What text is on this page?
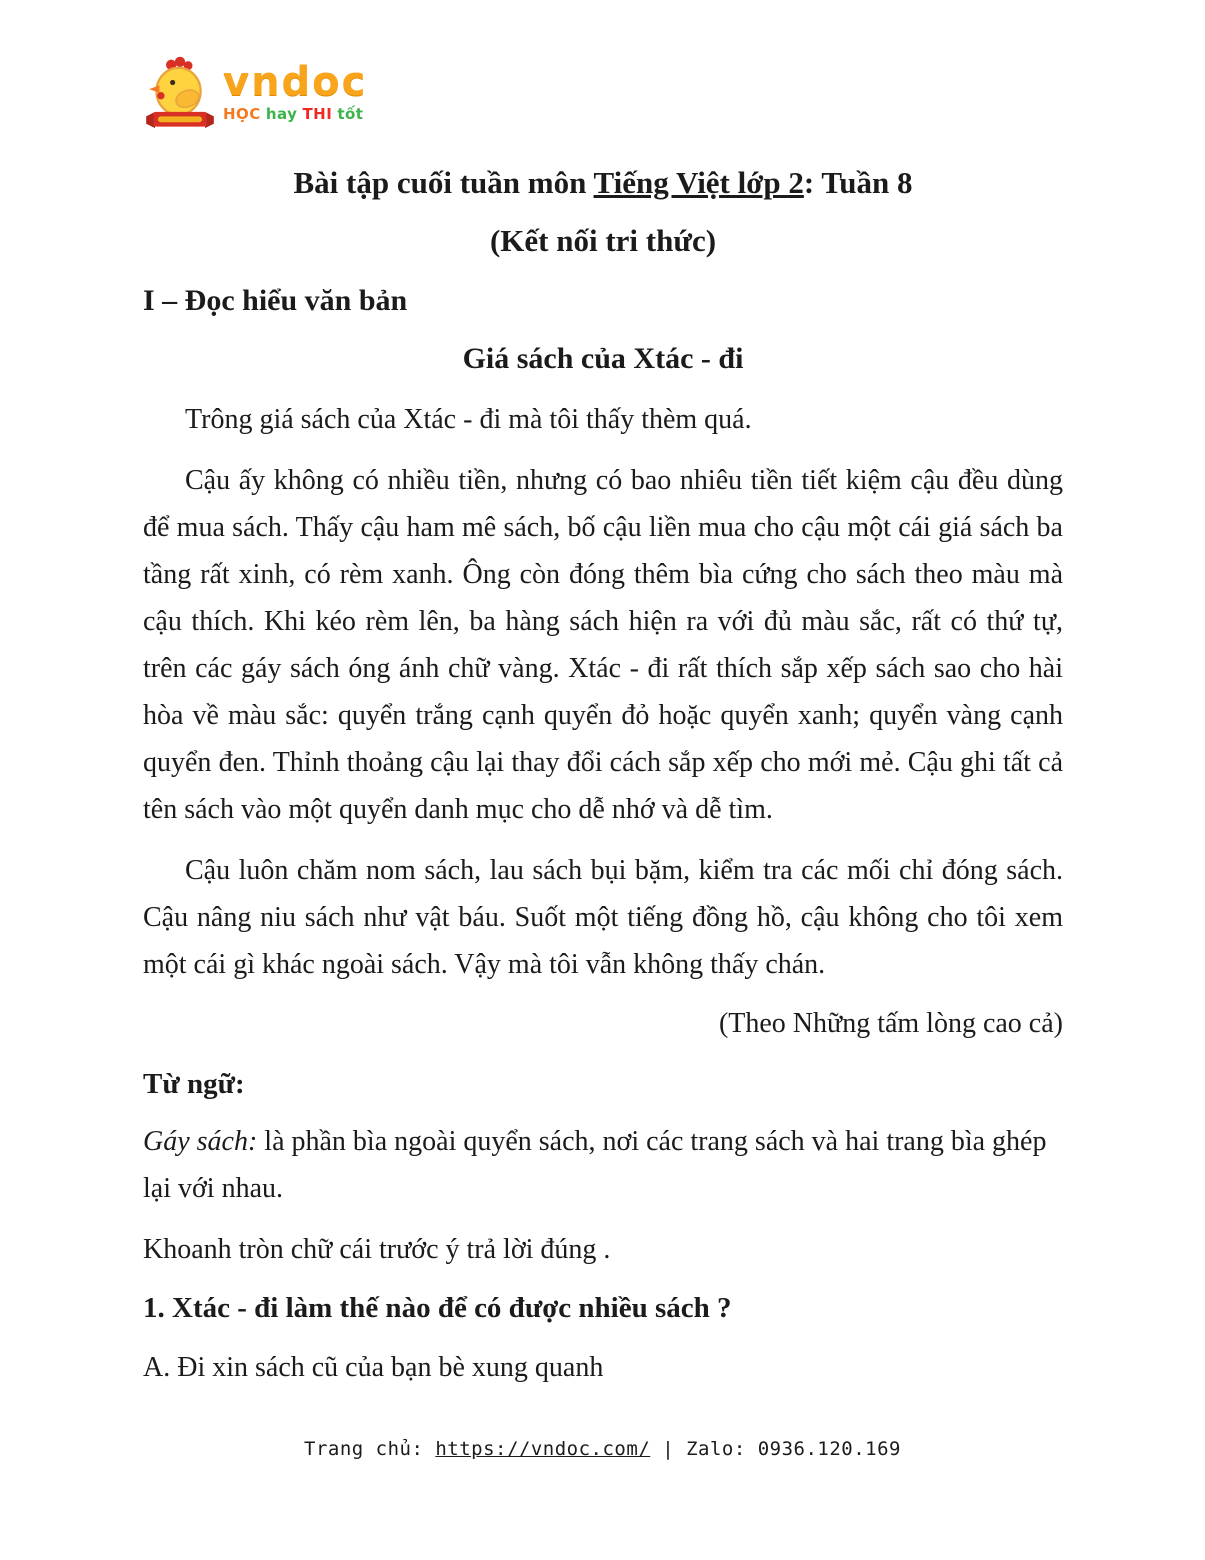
vndoc
HỌC hay THI tốt
Bài tập cuối tuần môn Tiếng Việt lớp 2: Tuần 8
(Kết nối tri thức)
I – Đọc hiểu văn bản
Giá sách của Xtác - đi

Trông giá sách của Xtác - đi mà tôi thấy thèm quá.

Cậu ấy không có nhiều tiền, nhưng có bao nhiêu tiền tiết kiệm cậu đều dùng để mua sách. Thấy cậu ham mê sách, bố cậu liền mua cho cậu một cái giá sách ba tầng rất xinh, có rèm xanh. Ông còn đóng thêm bìa cứng cho sách theo màu mà cậu thích. Khi kéo rèm lên, ba hàng sách hiện ra với đủ màu sắc, rất có thứ tự, trên các gáy sách óng ánh chữ vàng. Xtác - đi rất thích sắp xếp sách sao cho hài hòa về màu sắc: quyển trắng cạnh quyển đỏ hoặc quyển xanh; quyển vàng cạnh quyển đen. Thỉnh thoảng cậu lại thay đổi cách sắp xếp cho mới mẻ. Cậu ghi tất cả tên sách vào một quyển danh mục cho dễ nhớ và dễ tìm.

Cậu luôn chăm nom sách, lau sách bụi bặm, kiểm tra các mối chỉ đóng sách. Cậu nâng niu sách như vật báu. Suốt một tiếng đồng hồ, cậu không cho tôi xem một cái gì khác ngoài sách. Vậy mà tôi vẫn không thấy chán.

(Theo Những tấm lòng cao cả)
Từ ngữ:

Gáy sách: là phần bìa ngoài quyển sách, nơi các trang sách và hai trang bìa ghép lại với nhau.

Khoanh tròn chữ cái trước ý trả lời đúng .
1. Xtác - đi làm thế nào để có được nhiều sách ?
A. Đi xin sách cũ của bạn bè xung quanh
Trang chủ: https://vndoc.com/ | Zalo: 0936.120.169
